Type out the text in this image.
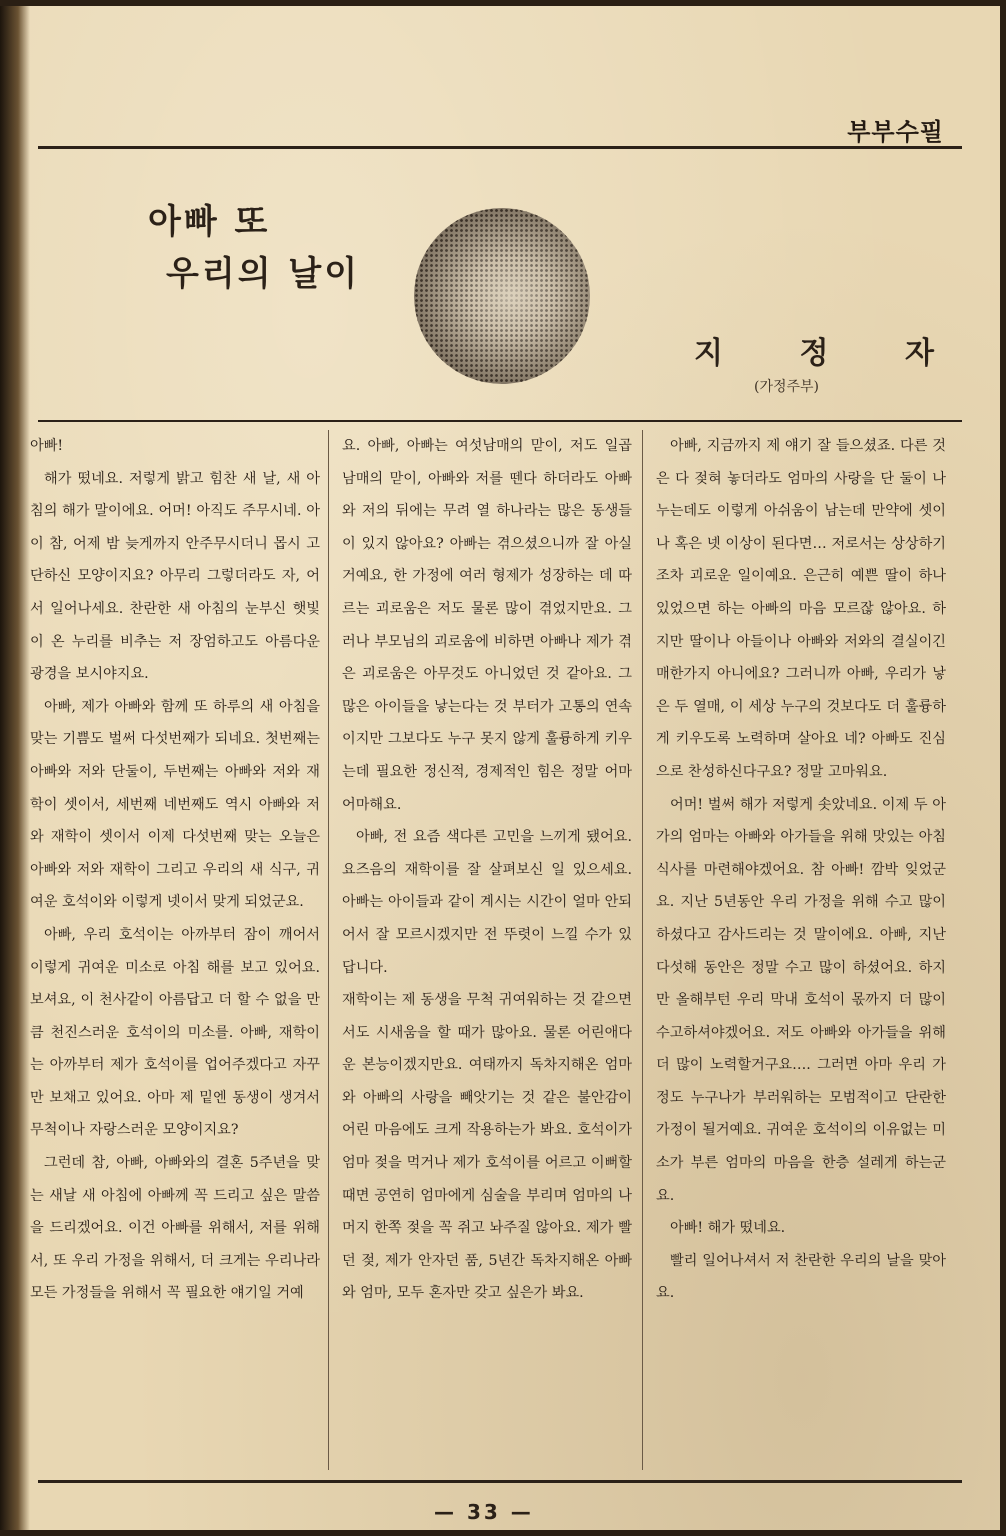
부부수필
아빠 또
우리의 날이
지	정	자
(가정주부)

아빠!

해가 떴네요. 저렇게 밝고 힘찬 새 날, 새 아침의 해가 말이에요. 어머! 아직도 주무시네. 아이 참, 어제 밤 늦게까지 안주무시더니 몹시 고단하신 모양이지요? 아무리 그렇더라도 자, 어서 일어나세요. 찬란한 새 아침의 눈부신 햇빛이 온 누리를 비추는 저 장엄하고도 아름다운 광경을 보시야지요.

아빠, 제가 아빠와 함께 또 하루의 새 아침을 맞는 기쁨도 벌써 다섯번째가 되네요. 첫번째는 아빠와 저와 단둘이, 두번째는 아빠와 저와 재학이 셋이서, 세번째 네번째도 역시 아빠와 저와 재학이 셋이서 이제 다섯번째 맞는 오늘은 아빠와 저와 재학이 그리고 우리의 새 식구, 귀여운 호석이와 이렇게 넷이서 맞게 되었군요.

아빠, 우리 호석이는 아까부터 잠이 깨어서 이렇게 귀여운 미소로 아침 해를 보고 있어요. 보셔요, 이 천사같이 아름답고 더 할 수 없을 만큼 천진스러운 호석이의 미소를. 아빠, 재학이는 아까부터 제가 호석이를 업어주겠다고 자꾸만 보채고 있어요. 아마 제 밑엔 동생이 생겨서 무척이나 자랑스러운 모양이지요?

그런데 참, 아빠, 아빠와의 결혼 5주년을 맞는 새날 새 아침에 아빠께 꼭 드리고 싶은 말씀을 드리겠어요. 이건 아빠를 위해서, 저를 위해서, 또 우리 가정을 위해서, 더 크게는 우리나라 모든 가정들을 위해서 꼭 필요한 얘기일 거예

요. 아빠, 아빠는 여섯남매의 맏이, 저도 일곱 남매의 맏이, 아빠와 저를 뗀다 하더라도 아빠와 저의 뒤에는 무려 열 하나라는 많은 동생들이 있지 않아요? 아빠는 겪으셨으니까 잘 아실거예요, 한 가정에 여러 형제가 성장하는 데 따르는 괴로움은 저도 물론 많이 겪었지만요. 그러나 부모님의 괴로움에 비하면 아빠나 제가 겪은 괴로움은 아무것도 아니었던 것 같아요. 그 많은 아이들을 낳는다는 것 부터가 고통의 연속이지만 그보다도 누구 못지 않게 훌륭하게 키우는데 필요한 정신적, 경제적인 힘은 정말 어마어마해요.

아빠, 전 요즘 색다른 고민을 느끼게 됐어요. 요즈음의 재학이를 잘 살펴보신 일 있으세요. 아빠는 아이들과 같이 계시는 시간이 얼마 안되어서 잘 모르시겠지만 전 뚜렷이 느낄 수가 있답니다.

재학이는 제 동생을 무척 귀여워하는 것 같으면서도 시새움을 할 때가 많아요. 물론 어린애다운 본능이겠지만요. 여태까지 독차지해온 엄마와 아빠의 사랑을 빼앗기는 것 같은 불안감이 어린 마음에도 크게 작용하는가 봐요. 호석이가 엄마 젖을 먹거나 제가 호석이를 어르고 이뻐할 때면 공연히 엄마에게 심술을 부리며 엄마의 나머지 한쪽 젖을 꼭 쥐고 놔주질 않아요. 제가 빨던 젖, 제가 안자던 품, 5년간 독차지해온 아빠와 엄마, 모두 혼자만 갖고 싶은가 봐요.

아빠, 지금까지 제 얘기 잘 들으셨죠. 다른 것은 다 젖혀 놓더라도 엄마의 사랑을 단 둘이 나누는데도 이렇게 아쉬움이 남는데 만약에 셋이나 혹은 넷 이상이 된다면… 저로서는 상상하기조차 괴로운 일이예요. 은근히 예쁜 딸이 하나 있었으면 하는 아빠의 마음 모르잖 않아요. 하지만 딸이나 아들이나 아빠와 저와의 결실이긴 매한가지 아니에요? 그러니까 아빠, 우리가 낳은 두 열매, 이 세상 누구의 것보다도 더 훌륭하게 키우도록 노력하며 살아요 네? 아빠도 진심으로 찬성하신다구요? 정말 고마워요.

어머! 벌써 해가 저렇게 솟았네요. 이제 두 아가의 엄마는 아빠와 아가들을 위해 맛있는 아침 식사를 마련해야겠어요. 참 아빠! 깜박 잊었군요. 지난 5년동안 우리 가정을 위해 수고 많이 하셨다고 감사드리는 것 말이에요. 아빠, 지난 다섯해 동안은 정말 수고 많이 하셨어요. 하지만 올해부턴 우리 막내 호석이 몫까지 더 많이 수고하셔야겠어요. 저도 아빠와 아가들을 위해 더 많이 노력할거구요…. 그러면 아마 우리 가정도 누구나가 부러워하는 모범적이고 단란한 가정이 될거예요. 귀여운 호석이의 이유없는 미소가 부른 엄마의 마음을 한층 설레게 하는군요.

아빠! 해가 떴네요.

빨리 일어나셔서 저 찬란한 우리의 날을 맞아요.

— 33 —
